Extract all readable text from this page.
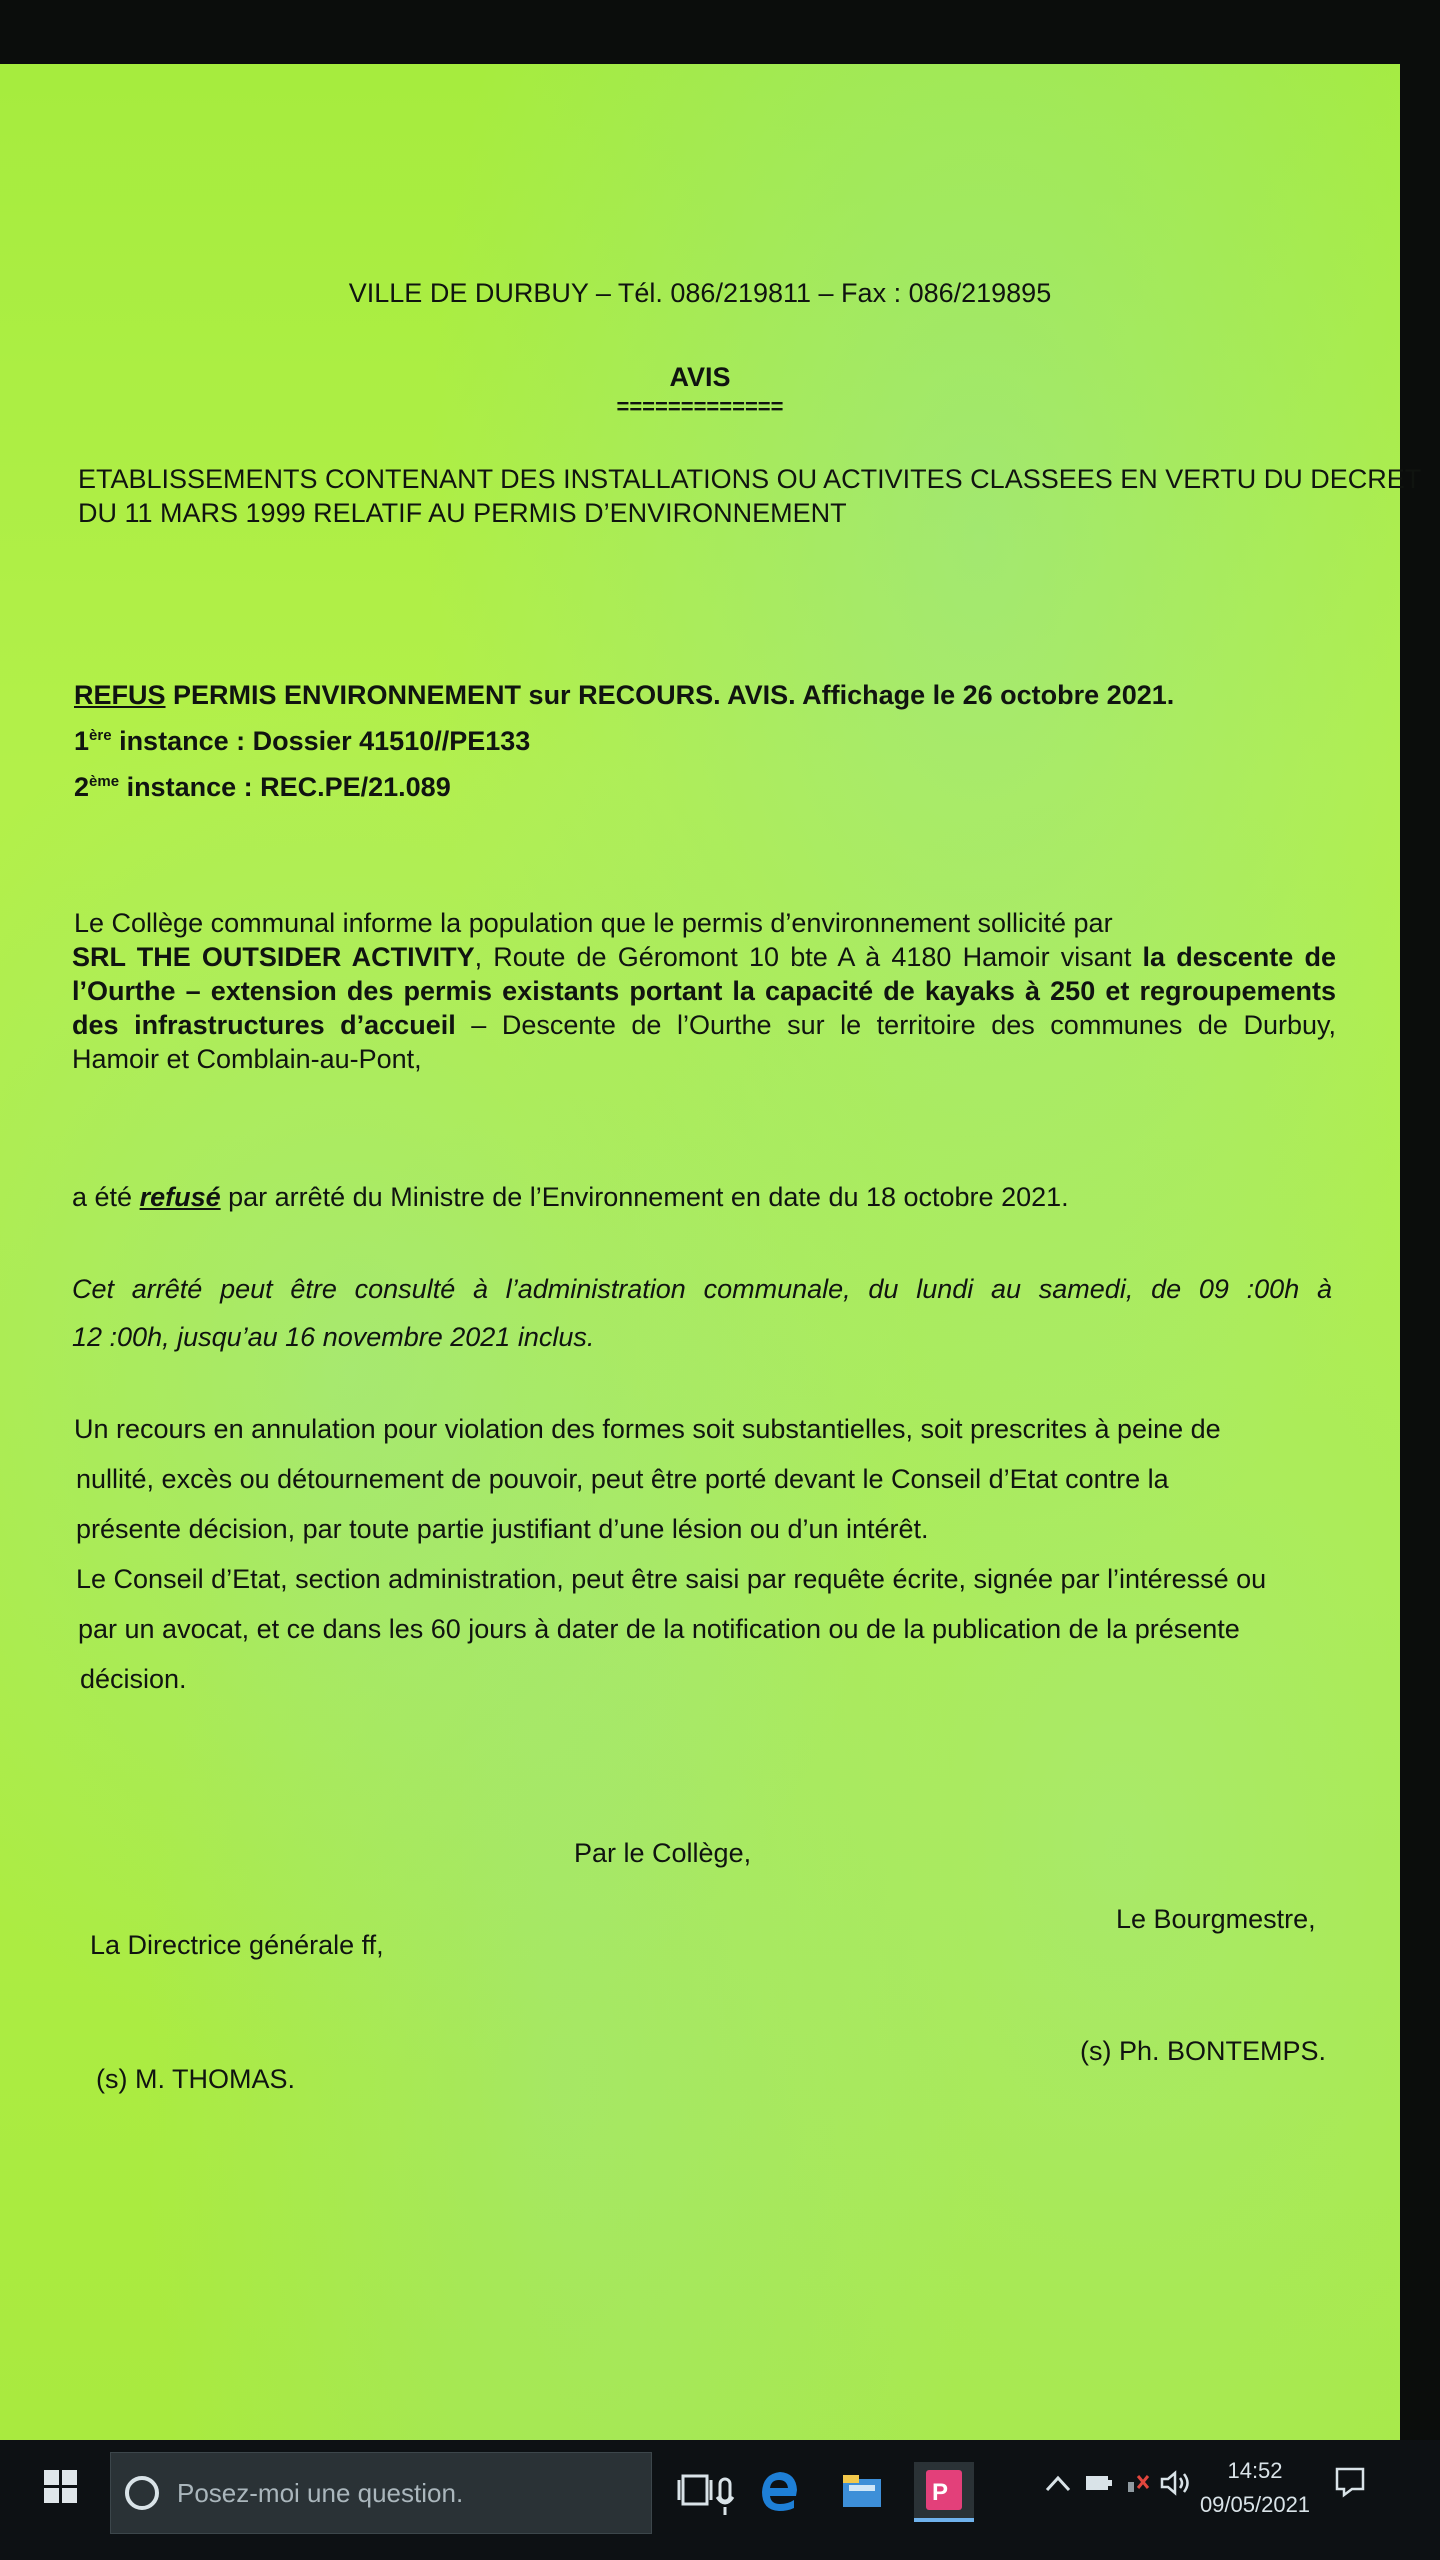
VILLE DE DURBUY – Tél. 086/219811 – Fax : 086/219895
AVIS
=============
ETABLISSEMENTS CONTENANT DES INSTALLATIONS OU ACTIVITES CLASSEES EN VERTU DU DECRET
DU 11 MARS 1999 RELATIF AU PERMIS D’ENVIRONNEMENT
REFUS PERMIS ENVIRONNEMENT sur RECOURS. AVIS. Affichage le 26 octobre 2021.
1ère instance : Dossier 41510//PE133
2ème instance : REC.PE/21.089
Le Collège communal informe la population que le permis d’environnement sollicité par
SRL THE OUTSIDER ACTIVITY, Route de Géromont 10 bte A à 4180 Hamoir visant la descente de
l’Ourthe – extension des permis existants portant la capacité de kayaks à 250 et regroupements
des infrastructures d’accueil – Descente de l’Ourthe sur le territoire des communes de Durbuy,
Hamoir et Comblain-au-Pont,
a été refusé par arrêté du Ministre de l’Environnement en date du 18 octobre 2021.
Cet arrêté peut être consulté à l’administration communale, du lundi au samedi, de 09 :00h à
12 :00h, jusqu’au 16 novembre 2021 inclus.
Un recours en annulation pour violation des formes soit substantielles, soit prescrites à peine de
nullité, excès ou détournement de pouvoir, peut être porté devant le Conseil d’Etat contre la
présente décision, par toute partie justifiant d’une lésion ou d’un intérêt.
Le Conseil d’Etat, section administration, peut être saisi par requête écrite, signée par l’intéressé ou
par un avocat, et ce dans les 60 jours à dater de la notification ou de la publication de la présente
décision.
Par le Collège,
La Directrice générale ff,
Le Bourgmestre,
(s) M. THOMAS.
(s) Ph. BONTEMPS.
Posez-moi une question.	P
14:52
09/05/2021
